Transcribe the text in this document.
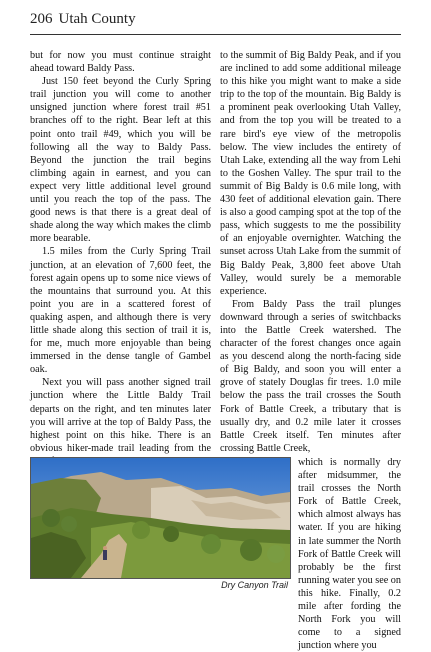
206 Utah County

but for now you must continue straight ahead toward Baldy Pass.

Just 150 feet beyond the Curly Spring trail junction you will come to another unsigned junction where forest trail #51 branches off to the right. Bear left at this point onto trail #49, which you will be following all the way to Baldy Pass. Beyond the junction the trail begins climbing again in earnest, and you can expect very little additional level ground until you reach the top of the pass. The good news is that there is a great deal of shade along the way which makes the climb more bearable.

1.5 miles from the Curly Spring Trail junction, at an elevation of 7,600 feet, the forest again opens up to some nice views of the mountains that surround you. At this point you are in a scattered forest of quaking aspen, and although there is very little shade along this section of trail it is, for me, much more enjoyable than being immersed in the dense tangle of Gambel oak.

Next you will pass another signed trail junction where the Little Baldy Trail departs on the right, and ten minutes later you will arrive at the top of Baldy Pass, the highest point on this hike. There is an obvious hiker-made trail leading from the

to the summit of Big Baldy Peak, and if you are inclined to add some additional mileage to this hike you might want to make a side trip to the top of the mountain. Big Baldy is a prominent peak overlooking Utah Valley, and from the top you will be treated to a rare bird's eye view of the metropolis below. The view includes the entirety of Utah Lake, extending all the way from Lehi to the Goshen Valley. The spur trail to the summit of Big Baldy is 0.6 mile long, with 430 feet of additional elevation gain. There is also a good camping spot at the top of the pass, which suggests to me the possibility of an enjoyable overnighter. Watching the sunset across Utah Lake from the summit of Big Baldy Peak, 3,800 feet above Utah Valley, would surely be a memorable experience.

From Baldy Pass the trail plunges downward through a series of switchbacks into the Battle Creek watershed. The character of the forest changes once again as you descend along the north-facing side of Big Baldy, and soon you will enter a grove of stately Douglas fir trees. 1.0 mile below the pass the trail crosses the South Fork of Battle Creek, a tributary that is usually dry, and 0.2 mile later it crosses Battle Creek itself. Ten minutes after crossing Battle Creek,

Dry Canyon Trail

which is normally dry after midsummer, the trail crosses the North Fork of Battle Creek, which almost always has water. If you are hiking in late summer the North Fork of Battle Creek will probably be the first running water you see on this hike. Finally, 0.2 mile after fording the North Fork you will come to a signed junction where you
